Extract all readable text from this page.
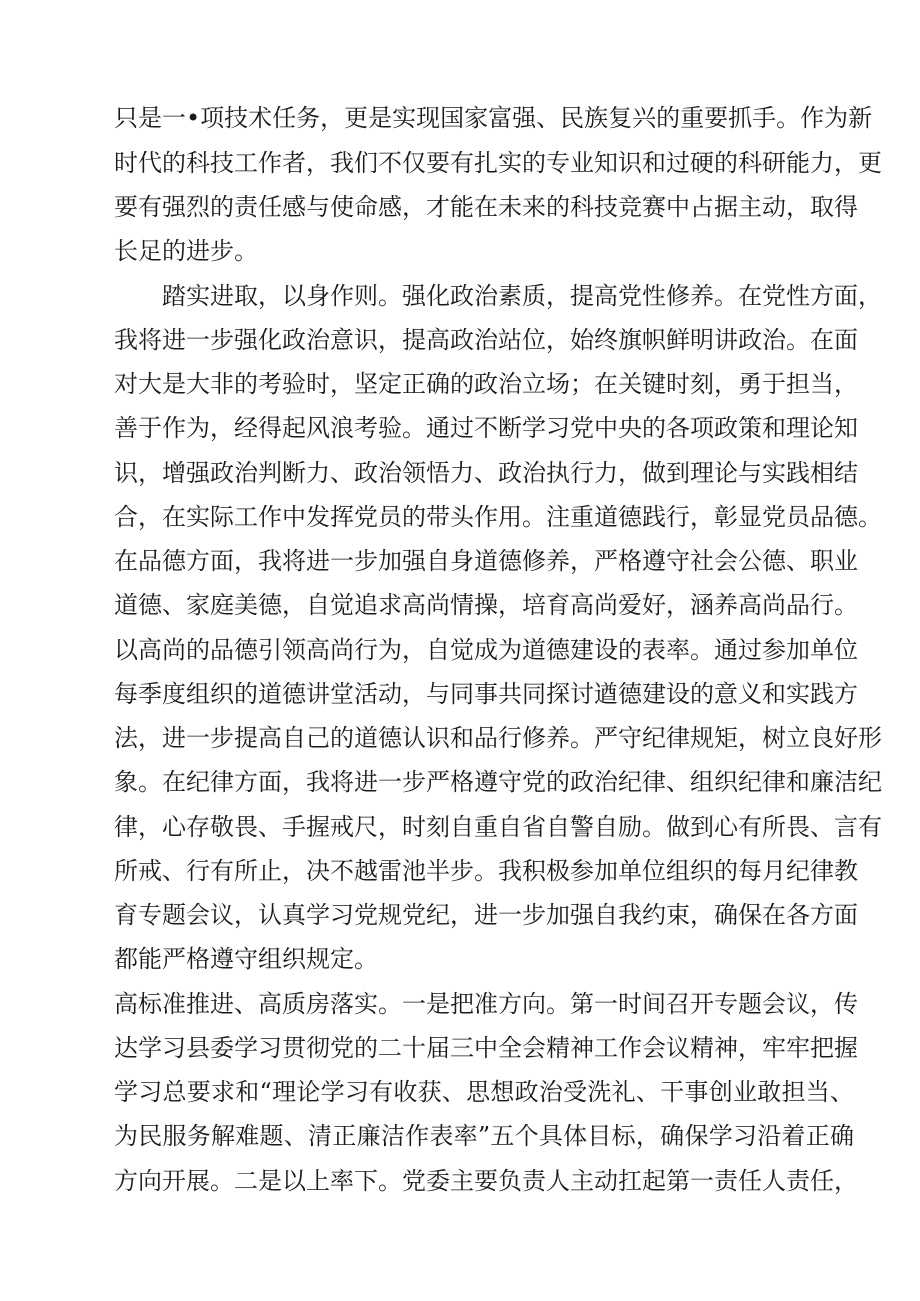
只是一•项技术任务，更是实现国家富强、民族复兴的重要抓手。作为新
时代的科技工作者，我们不仅要有扎实的专业知识和过硬的科研能力，更
要有强烈的责任感与使命感，才能在未来的科技竞赛中占据主动，取得
长足的进步。
踏实进取，以身作则。强化政治素质，提高党性修养。在党性方面，
我将进一步强化政治意识，提高政治站位，始终旗帜鲜明讲政治。在面
对大是大非的考验时，坚定正确的政治立场；在关键时刻，勇于担当，
善于作为，经得起风浪考验。通过不断学习党中央的各项政策和理论知
识，增强政治判断力、政治领悟力、政治执行力，做到理论与实践相结
合，在实际工作中发挥党员的带头作用。注重道德践行，彰显党员品德。
在品德方面，我将进一步加强自身道德修养，严格遵守社会公德、职业
道德、家庭美德，自觉追求高尚情操，培育高尚爱好，涵养高尚品行。
以高尚的品德引领高尚行为，自觉成为道德建设的表率。通过参加单位
每季度组织的道德讲堂活动，与同事共同探讨遒德建设的意义和实践方
法，进一步提高自己的道德认识和品行修养。严守纪律规矩，树立良好形
象。在纪律方面，我将进一步严格遵守党的政治纪律、组织纪律和廉洁纪
律，心存敬畏、手握戒尺，时刻自重自省自警自励。做到心有所畏、言有
所戒、行有所止，决不越雷池半步。我积极参加单位组织的每月纪律教
育专题会议，认真学习党规党纪，进一步加强自我约束，确保在各方面
都能严格遵守组织规定。
高标准推进、高质房落实。一是把准方向。第一时间召开专题会议，传
达学习县委学习贯彻党的二十届三中全会精神工作会议精神，牢牢把握
学习总要求和“理论学习有收获、思想政治受洗礼、干事创业敢担当、
为民服务解难题、清正廉洁作表率”五个具体目标，确保学习沿着正确
方向开展。二是以上率下。党委主要负责人主动扛起第一责任人责任，
